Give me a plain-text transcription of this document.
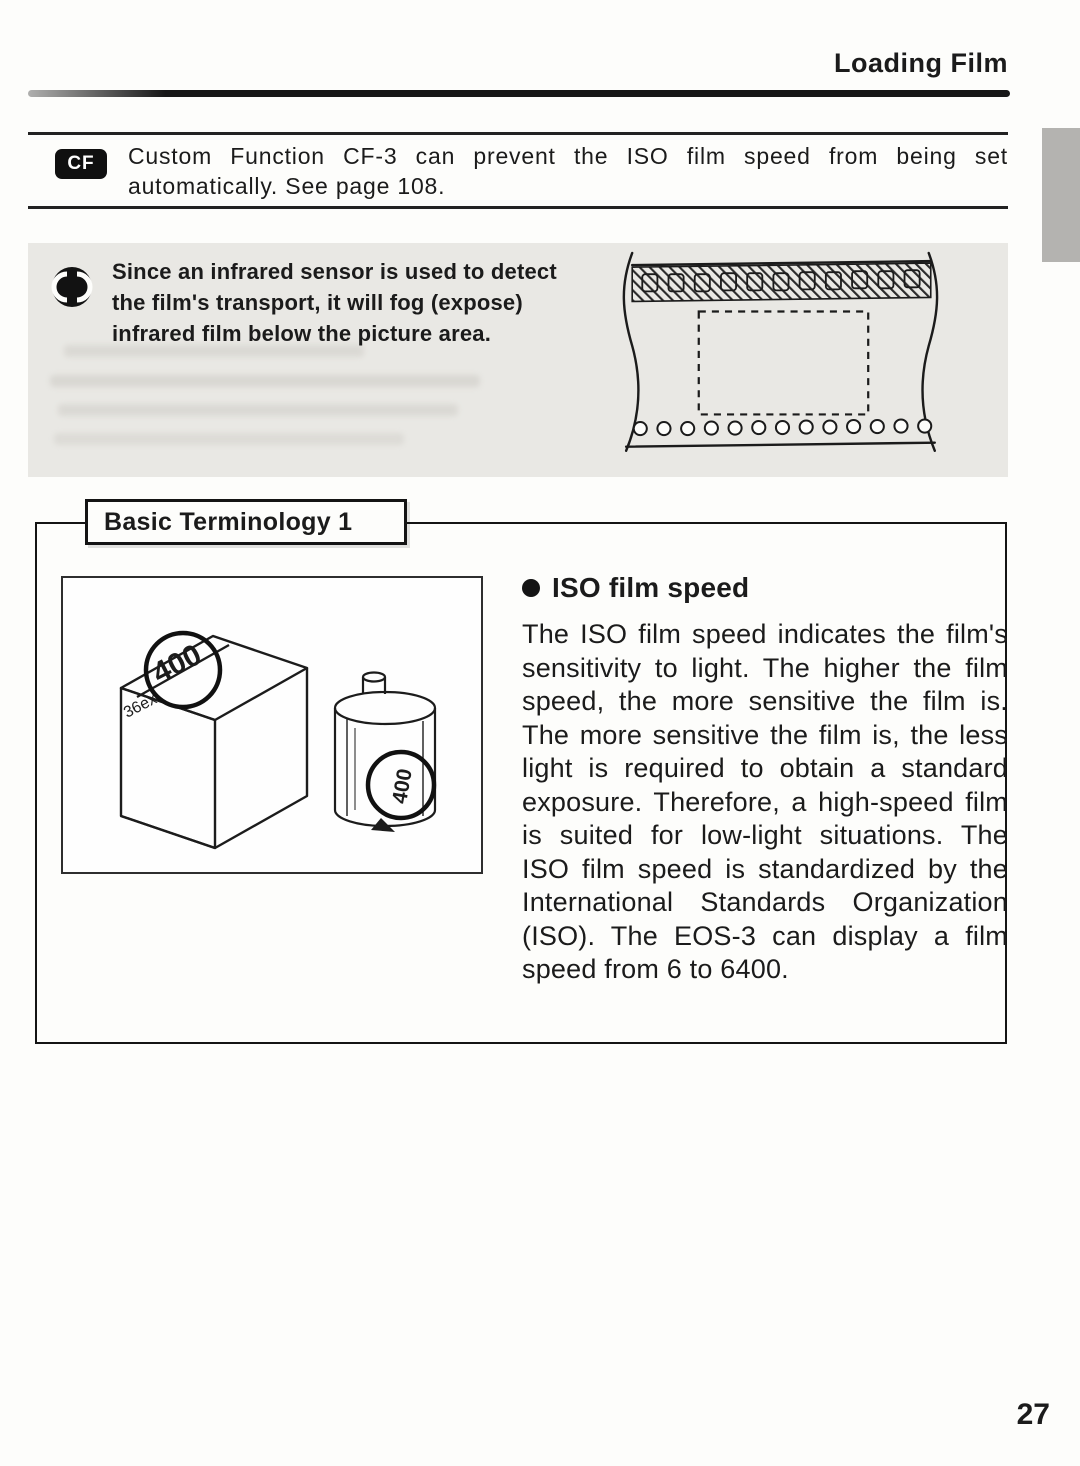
Loading Film
CF	Custom Function CF-3 can prevent the ISO film speed from being set automatically. See page 108.

Since an infrared sensor is used to detect the film's transport, it will fog (expose) infrared film below the picture area.

Basic Terminology 1
400
36ex.
400
ISO film speed

The ISO film speed indicates the film's sensitivity to light. The higher the film speed, the more sensitive the film is. The more sensitive the film is, the less light is required to obtain a standard exposure. Therefore, a high-speed film is suited for low-light situations. The ISO film speed is standardized by the International Standards Organization (ISO). The EOS-3 can display a film speed from 6 to 6400.

27
